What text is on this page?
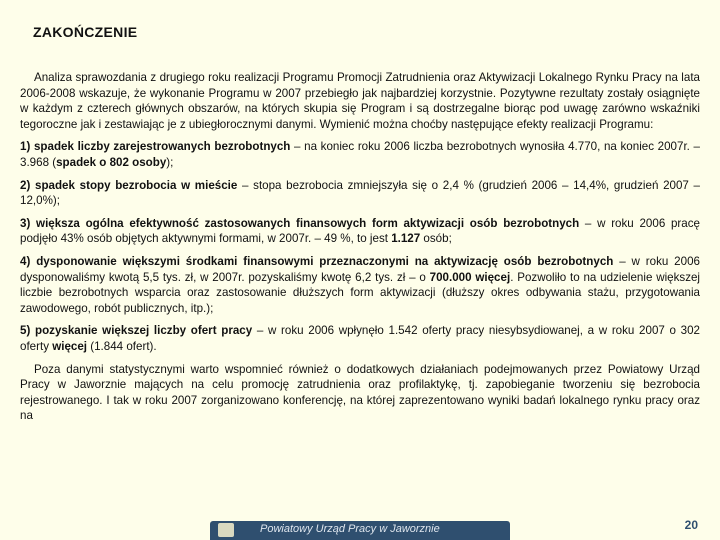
ZAKOŃCZENIE
Analiza sprawozdania z drugiego roku realizacji Programu Promocji Zatrudnienia oraz Aktywizacji Lokalnego Rynku Pracy na lata 2006-2008 wskazuje, że wykonanie Programu w 2007 przebiegło jak najbardziej korzystnie. Pozytywne rezultaty zostały osiągnięte w każdym z czterech głównych obszarów, na których skupia się Program i są dostrzegalne biorąc pod uwagę zarówno wskaźniki tegoroczne jak i zestawiając je z ubiegłorocznymi danymi. Wymienić można choćby następujące efekty realizacji Programu:
1) spadek liczby zarejestrowanych bezrobotnych – na koniec roku 2006 liczba bezrobotnych wynosiła 4.770, na koniec 2007r. – 3.968 (spadek o 802 osoby);
2) spadek stopy bezrobocia w mieście – stopa bezrobocia zmniejszyła się o 2,4 % (grudzień 2006 – 14,4%, grudzień 2007 – 12,0%);
3) większa ogólna efektywność zastosowanych finansowych form aktywizacji osób bezrobotnych – w roku 2006 pracę podjęło 43% osób objętych aktywnymi formami, w 2007r. – 49 %, to jest 1.127 osób;
4) dysponowanie większymi środkami finansowymi przeznaczonymi na aktywizację osób bezrobotnych – w roku 2006 dysponowaliśmy kwotą 5,5 tys. zł, w 2007r. pozyskaliśmy kwotę 6,2 tys. zł – o 700.000 więcej. Pozwoliło to na udzielenie większej liczbie bezrobotnych wsparcia oraz zastosowanie dłuższych form aktywizacji (dłuższy okres odbywania stażu, przygotowania zawodowego, robót publicznych, itp.);
5) pozyskanie większej liczby ofert pracy – w roku 2006 wpłynęło 1.542 oferty pracy niesybsydiowanej, a w roku 2007 o 302 oferty więcej (1.844 ofert).
Poza danymi statystycznymi warto wspomnieć również o dodatkowych działaniach podejmowanych przez Powiatowy Urząd Pracy w Jaworznie mających na celu promocję zatrudnienia oraz profilaktykę, tj. zapobieganie tworzeniu się bezrobocia rejestrowanego. I tak w roku 2007 zorganizowano konferencję, na której zaprezentowano wyniki badań lokalnego rynku pracy oraz na
Powiatowy Urząd Pracy w Jaworznie	20
